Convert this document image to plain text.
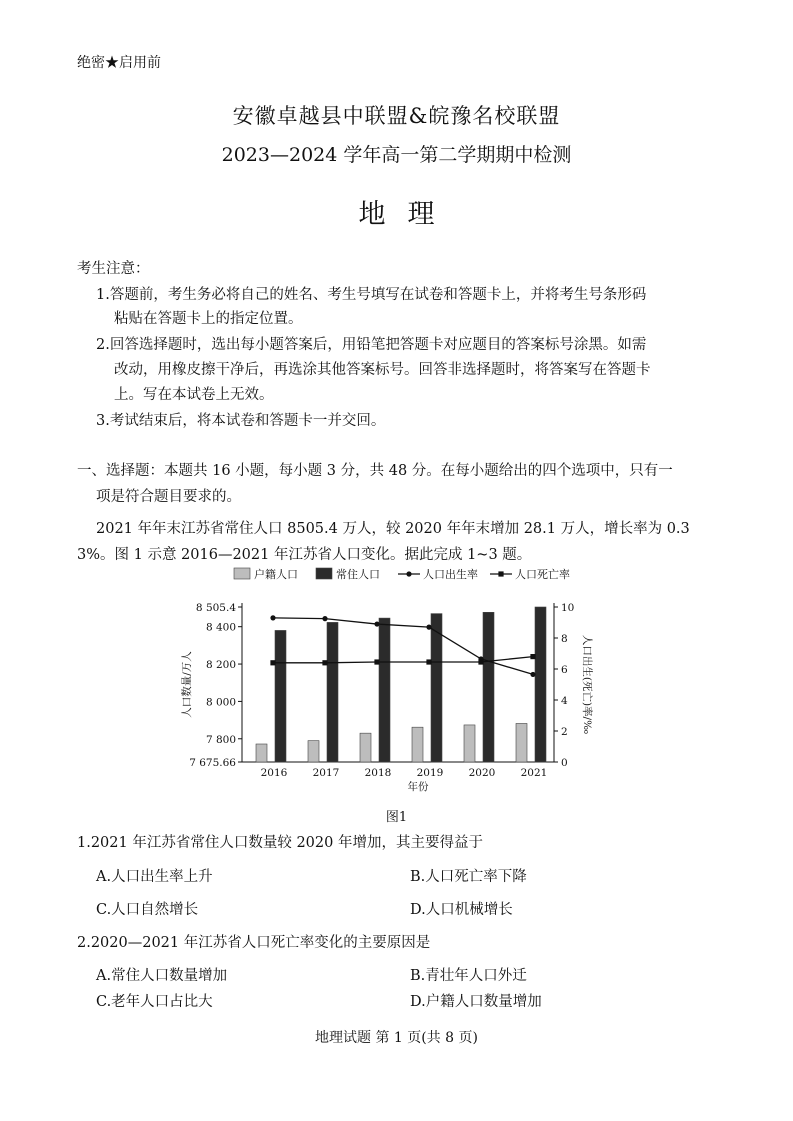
绝密★启用前
安徽卓越县中联盟&皖豫名校联盟
2023—2024 学年高一第二学期期中检测
地理
考生注意：
1.答题前，考生务必将自己的姓名、考生号填写在试卷和答题卡上，并将考生号条形码
粘贴在答题卡上的指定位置。
2.回答选择题时，选出每小题答案后，用铅笔把答题卡对应题目的答案标号涂黑。如需
改动，用橡皮擦干净后，再选涂其他答案标号。回答非选择题时，将答案写在答题卡
上。写在本试卷上无效。
3.考试结束后，将本试卷和答题卡一并交回。
一、选择题：本题共 16 小题，每小题 3 分，共 48 分。在每小题给出的四个选项中，只有一
项是符合题目要求的。
2021 年年末江苏省常住人口 8505.4 万人，较 2020 年年末增加 28.1 万人，增长率为 0.3
3%。图 1 示意 2016—2021 年江苏省人口变化。据此完成 1~3 题。
户籍人口	常住人口	人口出生率	人口死亡率
8 505.4
8 400
8 200
8 000
7 800
7 675.66
10
8
6
4
2
0
人口数量/万人	人口出生(死亡)率/‰
年份
2016 2017 2018 2019 2020 2021
图1
1.2021 年江苏省常住人口数量较 2020 年增加，其主要得益于
A.人口出生率上升	B.人口死亡率下降
C.人口自然增长	D.人口机械增长
2.2020—2021 年江苏省人口死亡率变化的主要原因是
A.常住人口数量增加	B.青壮年人口外迁
C.老年人口占比大	D.户籍人口数量增加
地理试题 第 1 页(共 8 页)
